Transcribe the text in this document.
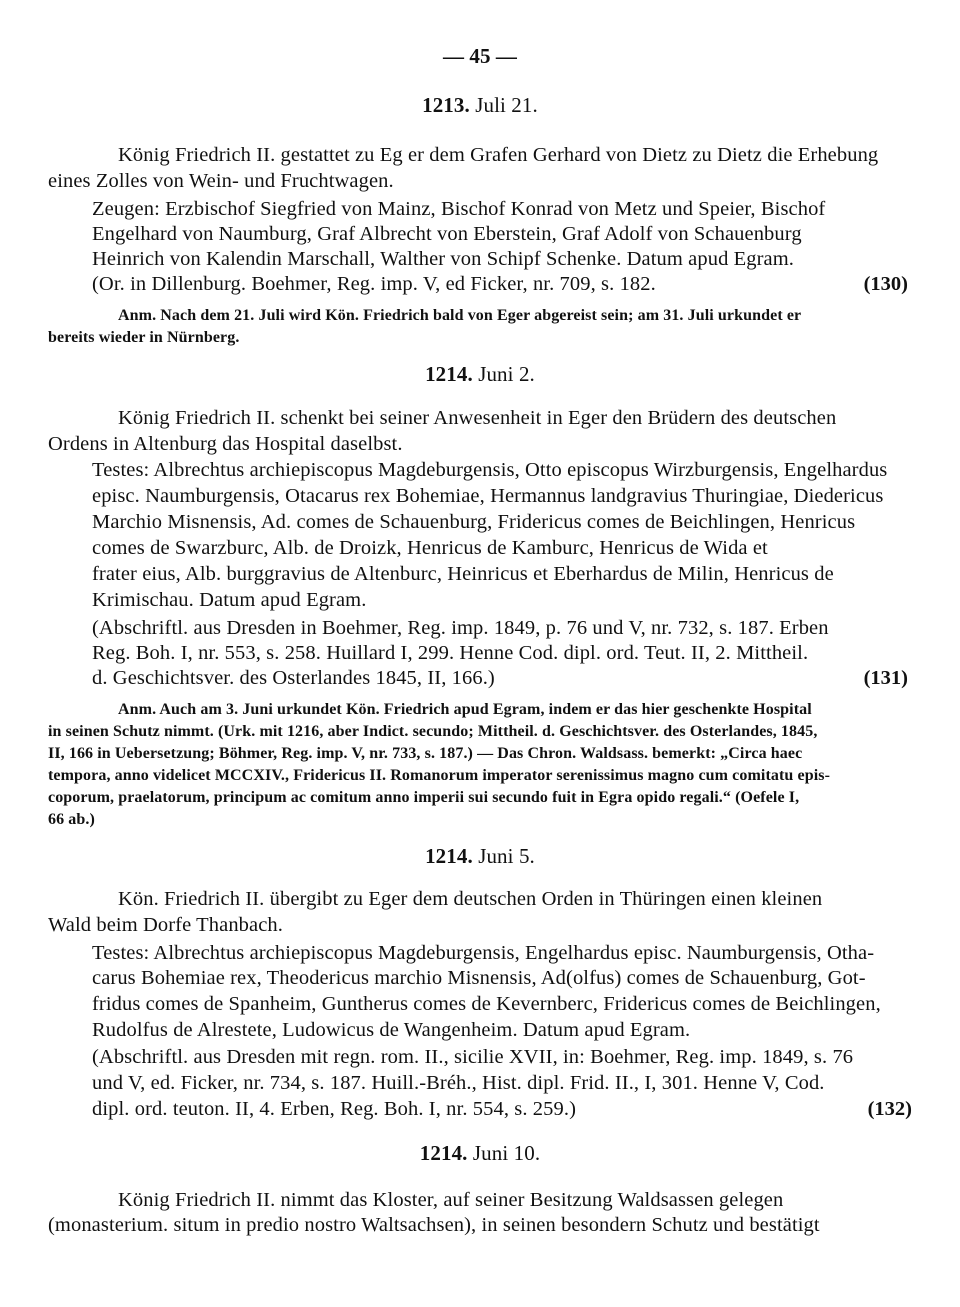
— 45 —
1213. Juli 21.
König Friedrich II. gestattet zu Eg er dem Grafen Gerhard von Dietz zu Dietz die Erhebung
eines Zolles von Wein- und Fruchtwagen.
Zeugen: Erzbischof Siegfried von Mainz, Bischof Konrad von Metz und Speier, Bischof
Engelhard von Naumburg, Graf Albrecht von Eberstein, Graf Adolf von Schauenburg
Heinrich von Kalendin Marschall, Walther von Schipf Schenke. Datum apud Egram.
(Or. in Dillenburg. Boehmer, Reg. imp. V, ed Ficker, nr. 709, s. 182.	(130)
Anm. Nach dem 21. Juli wird Kön. Friedrich bald von Eger abgereist sein; am 31. Juli urkundet er
bereits wieder in Nürnberg.
1214. Juni 2.
König Friedrich II. schenkt bei seiner Anwesenheit in Eger den Brüdern des deutschen
Ordens in Altenburg das Hospital daselbst.
Testes: Albrechtus archiepiscopus Magdeburgensis, Otto episcopus Wirzburgensis, Engelhardus
episc. Naumburgensis, Otacarus rex Bohemiae, Hermannus landgravius Thuringiae, Diedericus
Marchio Misnensis, Ad. comes de Schauenburg, Fridericus comes de Beichlingen, Henricus
comes de Swarzburc, Alb. de Droizk, Henricus de Kamburc, Henricus de Wida et
frater eius, Alb. burggravius de Altenburc, Heinricus et Eberhardus de Milin, Henricus de
Krimischau. Datum apud Egram.
(Abschriftl. aus Dresden in Boehmer, Reg. imp. 1849, p. 76 und V, nr. 732, s. 187. Erben
Reg. Boh. I, nr. 553, s. 258. Huillard I, 299. Henne Cod. dipl. ord. Teut. II, 2. Mittheil.
d. Geschichtsver. des Osterlandes 1845, II, 166.)	(131)
Anm. Auch am 3. Juni urkundet Kön. Friedrich apud Egram, indem er das hier geschenkte Hospital
in seinen Schutz nimmt. (Urk. mit 1216, aber Indict. secundo; Mittheil. d. Geschichtsver. des Osterlandes, 1845,
II, 166 in Uebersetzung; Böhmer, Reg. imp. V, nr. 733, s. 187.) — Das Chron. Waldsass. bemerkt: „Circa haec
tempora, anno videlicet MCCXIV., Fridericus II. Romanorum imperator serenissimus magno cum comitatu epis-
coporum, praelatorum, principum ac comitum anno imperii sui secundo fuit in Egra opido regali.“ (Oefele I,
66 ab.)
1214. Juni 5.
Kön. Friedrich II. übergibt zu Eger dem deutschen Orden in Thüringen einen kleinen
Wald beim Dorfe Thanbach.
Testes: Albrechtus archiepiscopus Magdeburgensis, Engelhardus episc. Naumburgensis, Otha-
carus Bohemiae rex, Theodericus marchio Misnensis, Ad(olfus) comes de Schauenburg, Got-
fridus comes de Spanheim, Guntherus comes de Kevernberc, Fridericus comes de Beichlingen,
Rudolfus de Alrestete, Ludowicus de Wangenheim. Datum apud Egram.
(Abschriftl. aus Dresden mit regn. rom. II., sicilie XVII, in: Boehmer, Reg. imp. 1849, s. 76
und V, ed. Ficker, nr. 734, s. 187. Huill.-Bréh., Hist. dipl. Frid. II., I, 301. Henne V, Cod.
dipl. ord. teuton. II, 4. Erben, Reg. Boh. I, nr. 554, s. 259.)	(132)
1214. Juni 10.
König Friedrich II. nimmt das Kloster, auf seiner Besitzung Waldsassen gelegen
(monasterium. situm in predio nostro Waltsachsen), in seinen besondern Schutz und bestätigt
